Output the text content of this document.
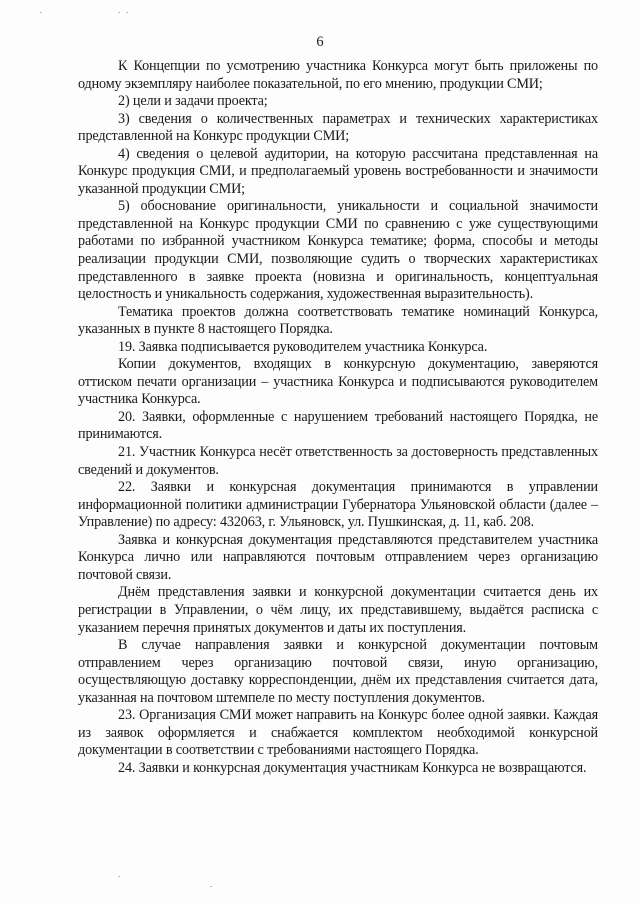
6

К Концепции по усмотрению участника Конкурса могут быть приложены по одному экземпляру наиболее показательной, по его мнению, продукции СМИ;

2) цели и задачи проекта;

3) сведения о количественных параметрах и технических характеристиках представленной на Конкурс продукции СМИ;

4) сведения о целевой аудитории, на которую рассчитана представленная на Конкурс продукция СМИ, и предполагаемый уровень востребованности и значимости указанной продукции СМИ;

5) обоснование оригинальности, уникальности и социальной значимости представленной на Конкурс продукции СМИ по сравнению с уже существующими работами по избранной участником Конкурса тематике; форма, способы и методы реализации продукции СМИ, позволяющие судить о творческих характеристиках представленного в заявке проекта (новизна и оригинальность, концептуальная целостность и уникальность содержания, художественная выразительность).

Тематика проектов должна соответствовать тематике номинаций Конкурса, указанных в пункте 8 настоящего Порядка.

19. Заявка подписывается руководителем участника Конкурса.

Копии документов, входящих в конкурсную документацию, заверяются оттиском печати организации – участника Конкурса и подписываются руководителем участника Конкурса.

20. Заявки, оформленные с нарушением требований настоящего Порядка, не принимаются.

21. Участник Конкурса несёт ответственность за достоверность представленных сведений и документов.

22. Заявки и конкурсная документация принимаются в управлении информационной политики администрации Губернатора Ульяновской области (далее – Управление) по адресу: 432063, г. Ульяновск, ул. Пушкинская, д. 11, каб. 208.

Заявка и конкурсная документация представляются представителем участника Конкурса лично или направляются почтовым отправлением через организацию почтовой связи.

Днём представления заявки и конкурсной документации считается день их регистрации в Управлении, о чём лицу, их представившему, выдаётся расписка с указанием перечня принятых документов и даты их поступления.

В случае направления заявки и конкурсной документации почтовым отправлением через организацию почтовой связи, иную организацию, осуществляющую доставку корреспонденции, днём их представления считается дата, указанная на почтовом штемпеле по месту поступления документов.

23. Организация СМИ может направить на Конкурс более одной заявки. Каждая из заявок оформляется и снабжается комплектом необходимой конкурсной документации в соответствии с требованиями настоящего Порядка.

24. Заявки и конкурсная документация участникам Конкурса не возвращаются.
